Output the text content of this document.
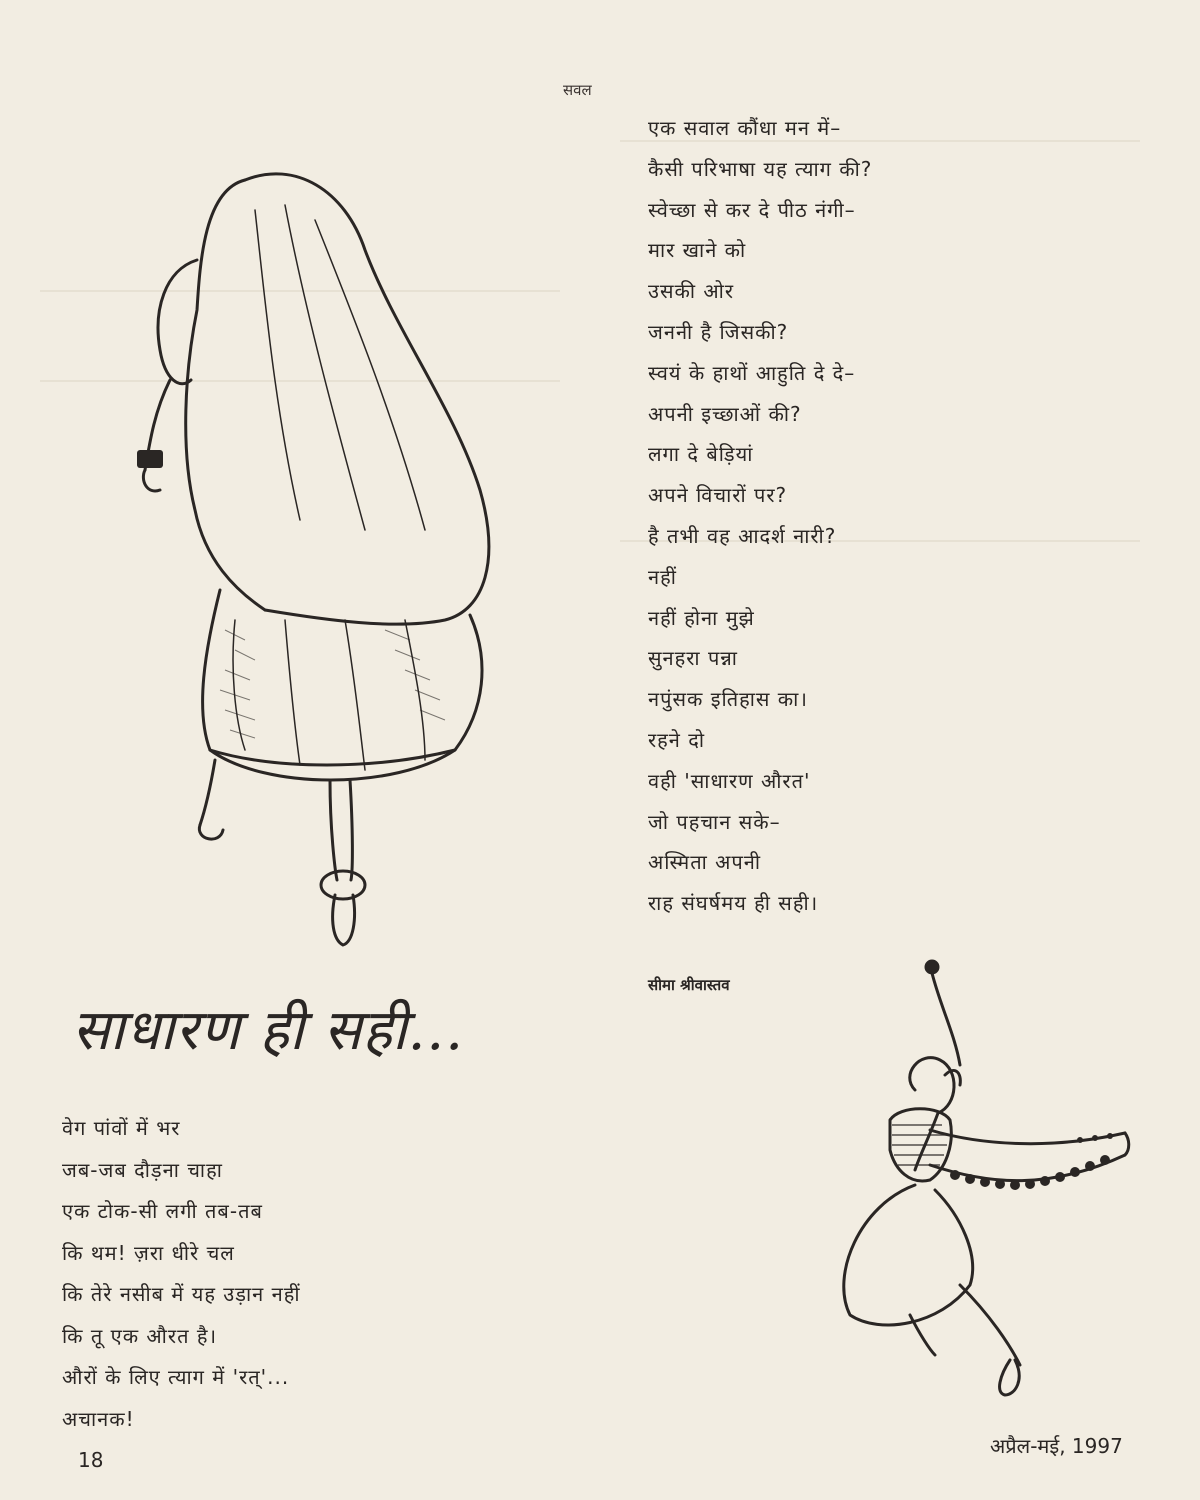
सवल
एक सवाल कौंधा मन में–
कैसी परिभाषा यह त्याग की?
स्वेच्छा से कर दे पीठ नंगी–
मार खाने को
उसकी ओर
जननी है जिसकी?
स्वयं के हाथों आहुति दे दे–
अपनी इच्छाओं की?
लगा दे बेड़ियां
अपने विचारों पर?
है तभी वह आदर्श नारी?
नहीं
नहीं होना मुझे
सुनहरा पन्ना
नपुंसक इतिहास का।
रहने दो
वही 'साधारण औरत'
जो पहचान सके–
अस्मिता अपनी
राह संघर्षमय ही सही।
सीमा श्रीवास्तव
साधारण ही सही...
वेग पांवों में भर
जब-जब दौड़ना चाहा
एक टोक-सी लगी तब-तब
कि थम! ज़रा धीरे चल
कि तेरे नसीब में यह उड़ान नहीं
कि तू एक औरत है।
औरों के लिए त्याग में 'रत्'...
अचानक!
18
अप्रैल-मई, 1997
